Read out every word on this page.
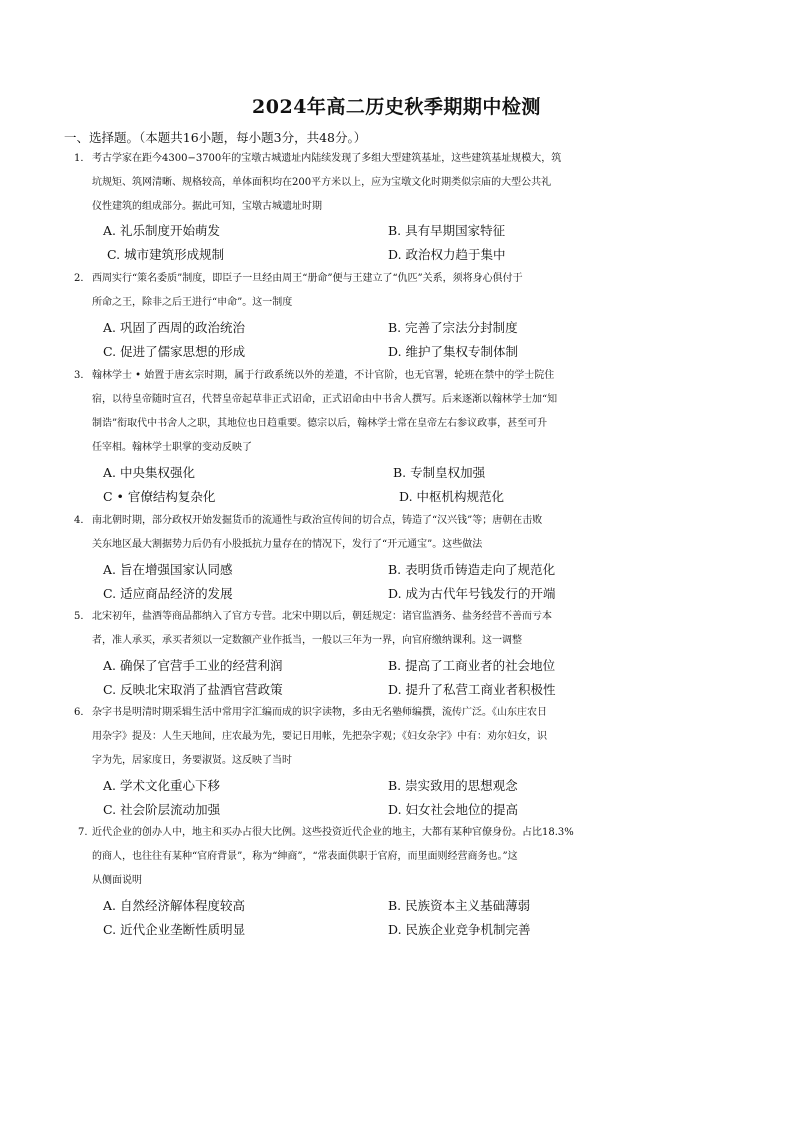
2024年高二历史秋季期期中检测
一、选择题。（本题共16小题，每小题3分，共48分。）
1． 考古学家在距今4300−3700年的宝墩古城遗址内陆续发现了多组大型建筑基址，这些建筑基址规模大，筑
坑规矩、筑网清晰、规格较高，单体面积均在200平方米以上，应为宝墩文化时期类似宗庙的大型公共礼
仪性建筑的组成部分。据此可知，宝墩古城遗址时期
A. 礼乐制度开始萌发	B. 具有早期国家特征
C. 城市建筑形成规制	D. 政治权力趋于集中
2． 西周实行“策名委质”制度，即臣子一旦经由周王“册命”便与王建立了“仇匹”关系，须将身心俱付于
所命之王，除非之后王进行“申命”。这一制度
A. 巩固了西周的政治统治	B. 完善了宗法分封制度
C. 促进了儒家思想的形成	D. 维护了集权专制体制
3． 翰林学士 • 始置于唐玄宗时期，属于行政系统以外的差遣，不计官阶，也无官署，轮班在禁中的学士院住
宿，以待皇帝随时宣召，代替皇帝起草非正式诏命，正式诏命由中书舍人撰写。后来逐渐以翰林学士加“知
制诰”衔取代中书舍人之职，其地位也日趋重要。德宗以后，翰林学士常在皇帝左右参议政事，甚至可升
任宰相。翰林学士职掌的变动反映了
A. 中央集权强化	B. 专制皇权加强
C • 官僚结构复杂化	D. 中枢机构规范化
4． 南北朝时期，部分政权开始发掘货币的流通性与政治宣传间的切合点，铸造了“汉兴钱”等；唐朝在击败
关东地区最大割据势力后仍有小股抵抗力量存在的情况下，发行了“开元通宝”。这些做法
A. 旨在增强国家认同感	B. 表明货币铸造走向了规范化
C. 适应商品经济的发展	D. 成为古代年号钱发行的开端
5． 北宋初年，盐酒等商品都纳入了官方专营。北宋中期以后，朝廷规定：诸官监酒务、盐务经营不善而亏本
者，准人承买，承买者须以一定数额产业作抵当，一般以三年为一界，向官府缴纳课利。这一调整
A. 确保了官营手工业的经营利润	B. 提高了工商业者的社会地位
C. 反映北宋取消了盐酒官营政策	D. 提升了私营工商业者积极性
6． 杂字书是明清时期采辑生活中常用字汇编而成的识字读物，多由无名塾师编撰，流传广泛。《山东庄农日
用杂字》提及：人生天地间，庄农最为先，要记日用帐，先把杂字观；《妇女杂字》中有：劝尔妇女，识
字为先，居家度日，务要淑贤。这反映了当时
A. 学术文化重心下移	B. 崇实致用的思想观念
C. 社会阶层流动加强	D. 妇女社会地位的提高
7. 近代企业的创办人中，地主和买办占很大比例。这些投资近代企业的地主，大都有某种官僚身份。占比18.3%
的商人，也往往有某种“官府背景”，称为“绅商”，“常表面供职于官府，而里面则经营商务也。”这
从侧面说明
A. 自然经济解体程度较高	B. 民族资本主义基础薄弱
C. 近代企业垄断性质明显	D. 民族企业竞争机制完善
